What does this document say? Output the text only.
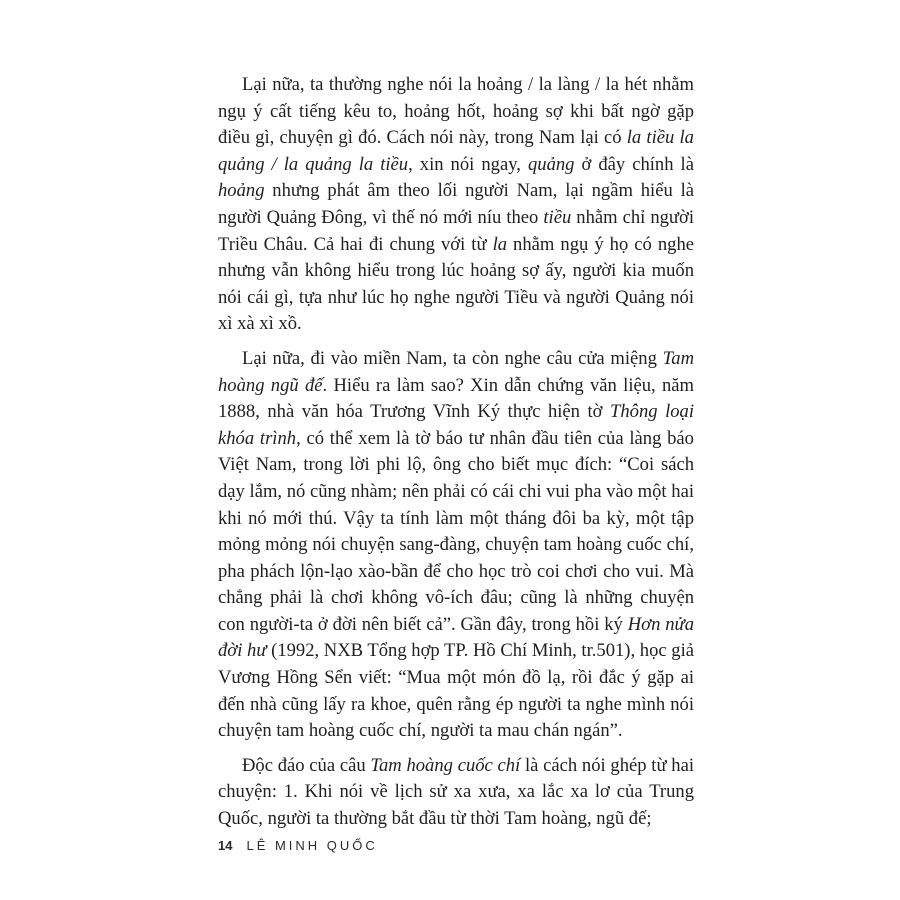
Lại nữa, ta thường nghe nói la hoảng / la làng / la hét nhằm ngụ ý cất tiếng kêu to, hoảng hốt, hoảng sợ khi bất ngờ gặp điều gì, chuyện gì đó. Cách nói này, trong Nam lại có la tiều la quảng / la quảng la tiều, xin nói ngay, quảng ở đây chính là hoảng nhưng phát âm theo lối người Nam, lại ngầm hiểu là người Quảng Đông, vì thế nó mới níu theo tiều nhằm chỉ người Triều Châu. Cả hai đi chung với từ la nhằm ngụ ý họ có nghe nhưng vẫn không hiểu trong lúc hoảng sợ ấy, người kia muốn nói cái gì, tựa như lúc họ nghe người Tiều và người Quảng nói xì xà xì xồ.

Lại nữa, đi vào miền Nam, ta còn nghe câu cửa miệng Tam hoàng ngũ đế. Hiểu ra làm sao? Xin dẫn chứng văn liệu, năm 1888, nhà văn hóa Trương Vĩnh Ký thực hiện tờ Thông loại khóa trình, có thể xem là tờ báo tư nhân đầu tiên của làng báo Việt Nam, trong lời phi lộ, ông cho biết mục đích: “Coi sách dạy lắm, nó cũng nhàm; nên phải có cái chi vui pha vào một hai khi nó mới thú. Vậy ta tính làm một tháng đôi ba kỳ, một tập mỏng mỏng nói chuyện sang-đàng, chuyện tam hoàng cuốc chí, pha phách lộn-lạo xào-bần để cho học trò coi chơi cho vui. Mà chẳng phải là chơi không vô-ích đâu; cũng là những chuyện con người-ta ở đời nên biết cả”. Gần đây, trong hồi ký Hơn nửa đời hư (1992, NXB Tổng hợp TP. Hồ Chí Minh, tr.501), học giả Vương Hồng Sển viết: “Mua một món đồ lạ, rồi đắc ý gặp ai đến nhà cũng lấy ra khoe, quên rằng ép người ta nghe mình nói chuyện tam hoàng cuốc chí, người ta mau chán ngán”.

Độc đáo của câu Tam hoàng cuốc chí là cách nói ghép từ hai chuyện: 1. Khi nói về lịch sử xa xưa, xa lắc xa lơ của Trung Quốc, người ta thường bắt đầu từ thời Tam hoàng, ngũ đế;

14 LÊ MINH QUỐC
